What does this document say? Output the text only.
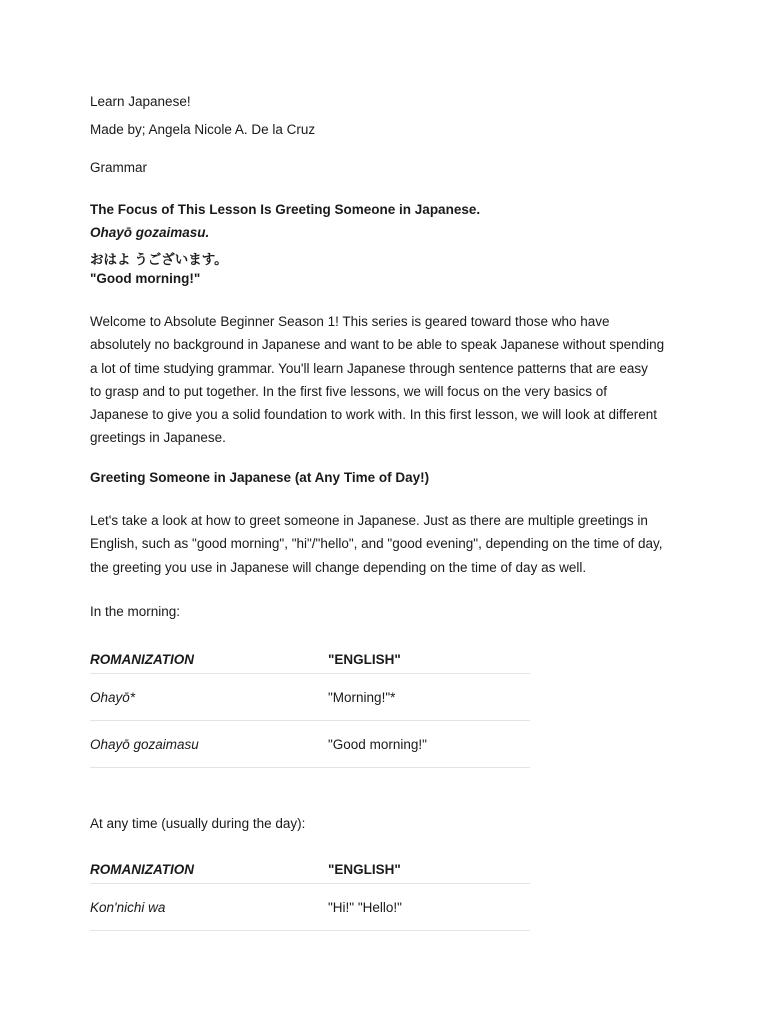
Learn Japanese!
Made by; Angela Nicole A. De la Cruz
Grammar
The Focus of This Lesson Is Greeting Someone in Japanese.
Ohayō gozaimasu.
おはよ うございます。
"Good morning!"
Welcome to Absolute Beginner Season 1! This series is geared toward those who have
absolutely no background in Japanese and want to be able to speak Japanese without spending
a lot of time studying grammar. You'll learn Japanese through sentence patterns that are easy
to grasp and to put together. In the first five lessons, we will focus on the very basics of
Japanese to give you a solid foundation to work with. In this first lesson, we will look at different
greetings in Japanese.
Greeting Someone in Japanese (at Any Time of Day!)
Let's take a look at how to greet someone in Japanese. Just as there are multiple greetings in
English, such as "good morning", "hi"/"hello", and "good evening", depending on the time of day,
the greeting you use in Japanese will change depending on the time of day as well.
In the morning:
ROMANIZATION	"ENGLISH"
Ohayō*	"Morning!"*
Ohayō gozaimasu	"Good morning!"
At any time (usually during the day):
ROMANIZATION	"ENGLISH"
Kon'nichi wa	"Hi!" "Hello!"
